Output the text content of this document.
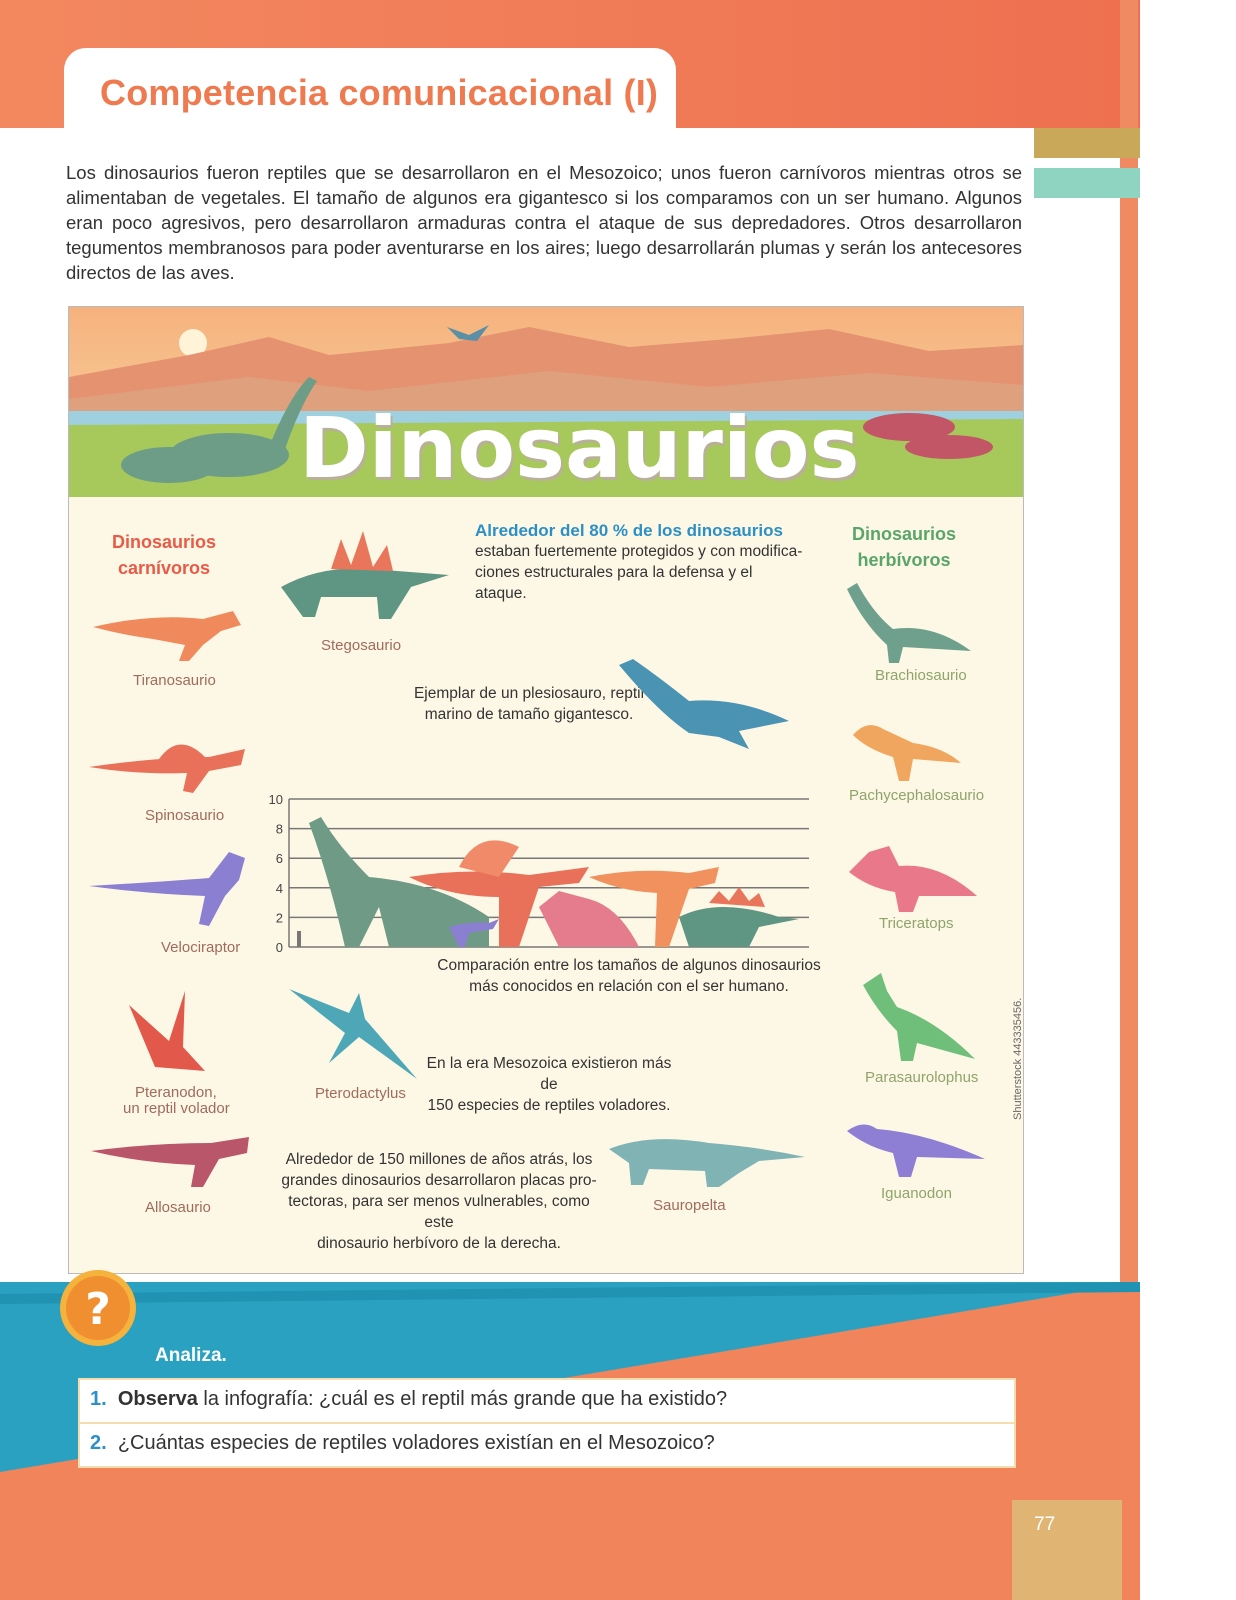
Competencia comunicacional (I)
Los dinosaurios fueron reptiles que se desarrollaron en el Mesozoico; unos fueron carnívoros mientras otros se alimentaban de vegetales. El tamaño de algunos era gigantesco si los comparamos con un ser humano. Algunos eran poco agresivos, pero desarrollaron armaduras contra el ataque de sus depredadores. Otros desarrollaron tegumentos membranosos para poder aventurarse en los aires; luego desarrollarán plumas y serán los antecesores directos de las aves.
Dinosaurios
Dinosaurios
carnívoros
Dinosaurios
herbívoros
Tiranosaurio
Spinosaurio
Velociraptor
Pteranodon,
un reptil volador
Allosaurio
Brachiosaurio
Pachycephalosaurio
Triceratops
Parasaurolophus
Iguanodon
Stegosaurio
Alrededor del 80 % de los dinosaurios
estaban fuertemente protegidos y con modifica-
ciones estructurales para la defensa y el ataque.
Ejemplar de un plesiosauro, reptil
marino de tamaño gigantesco.
10
8
6
4
2
0
Comparación entre los tamaños de algunos dinosaurios
más conocidos en relación con el ser humano.
Pterodactylus
En la era Mesozoica existieron más de
150 especies de reptiles voladores.
Alrededor de 150 millones de años atrás, los
grandes dinosaurios desarrollaron placas pro-
tectoras, para ser menos vulnerables, como este
dinosaurio herbívoro de la derecha.
Sauropelta
Shutterstock 443335456.
?
Analiza.
1. Observa la infografía: ¿cuál es el reptil más grande que ha existido?
2. ¿Cuántas especies de reptiles voladores existían en el Mesozoico?
77
